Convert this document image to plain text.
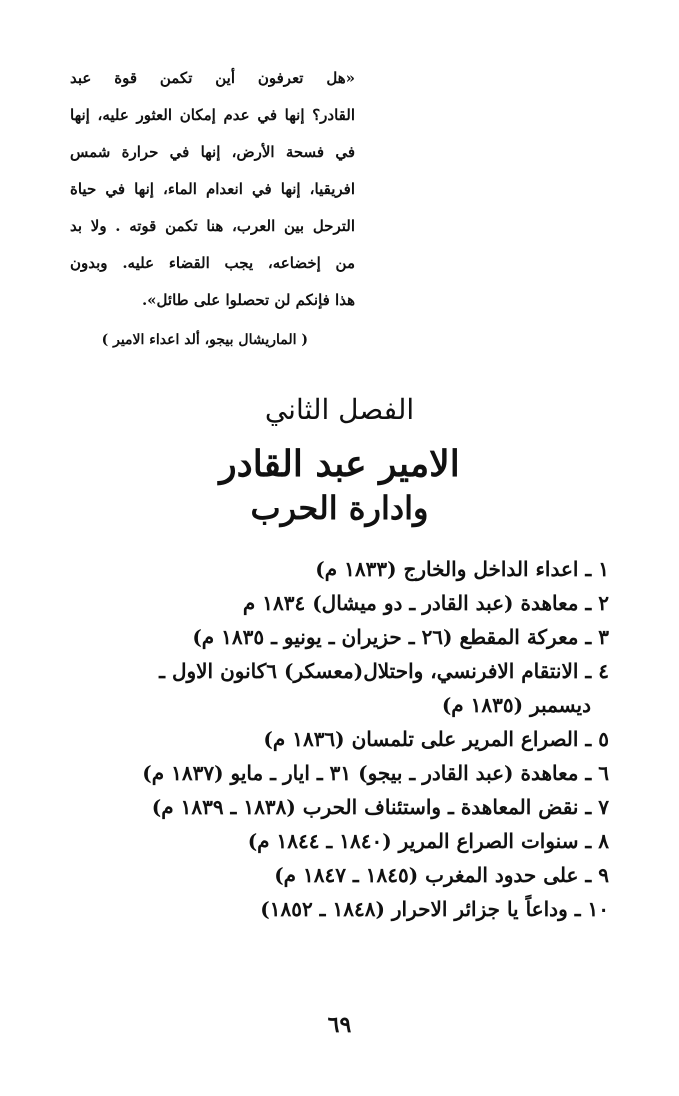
«هل تعرفون أين تكمن قوة عبد
القادر؟ إنها في عدم إمكان العثور عليه، إنها
في فسحة الأرض، إنها في حرارة شمس
افريقيا، إنها في انعدام الماء، إنها في حياة
الترحل بين العرب، هنا تكمن قوته . ولا بد
من إخضاعه، يجب القضاء عليه. وبدون
هذا فإنكم لن تحصلوا على طائل».
( الماريشال بيجو، ألد اعداء الامير )
الفصل الثاني
الامير عبد القادر
وادارة الحرب
١ ـ اعداء الداخل والخارج (١٨٣٣ م)
٢ ـ معاهدة (عبد القادر ـ دو ميشال) ١٨٣٤ م
٣ ـ معركة المقطع (٢٦ ـ حزيران ـ يونيو ـ ١٨٣٥ م)
٤ ـ الانتقام الافرنسي، واحتلال(معسكر) ٦كانون الاول ـ
ديسمبر (١٨٣٥ م)
٥ ـ الصراع المرير على تلمسان (١٨٣٦ م)
٦ ـ معاهدة (عبد القادر ـ بيجو) ٣١ ـ ايار ـ مايو (١٨٣٧ م)
٧ ـ نقض المعاهدة ـ واستئناف الحرب (١٨٣٨ ـ ١٨٣٩ م)
٨ ـ سنوات الصراع المرير (١٨٤٠ ـ ١٨٤٤ م)
٩ ـ على حدود المغرب (١٨٤٥ ـ ١٨٤٧ م)
١٠ ـ وداعاً يا جزائر الاحرار (١٨٤٨ ـ ١٨٥٢)
٦٩
